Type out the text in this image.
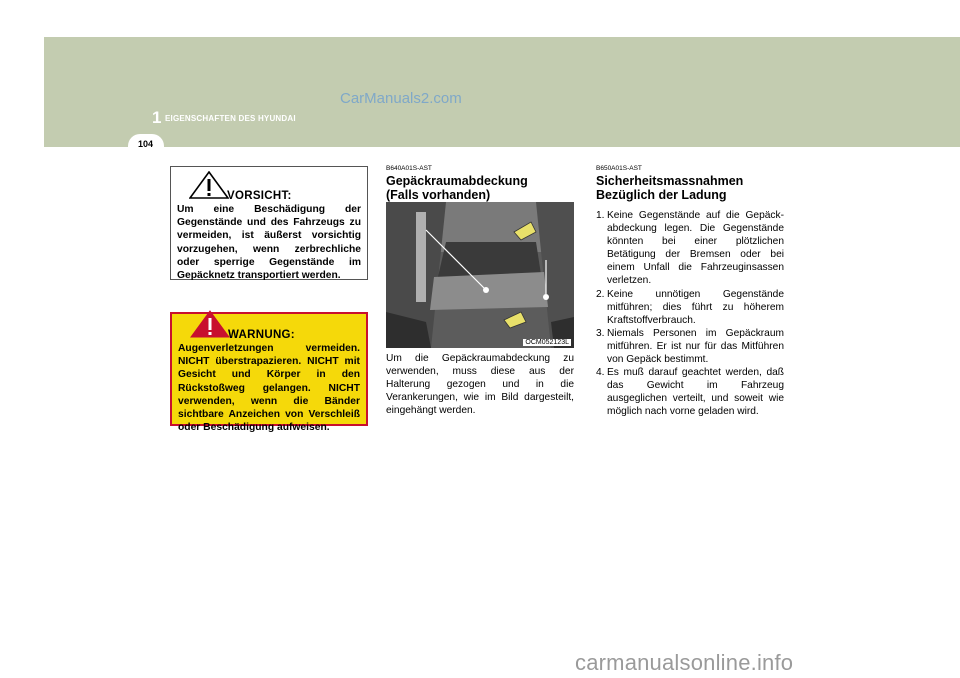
1 EIGENSCHAFTEN DES HYUNDAI
CarManuals2.com
104
VORSICHT:
Um eine Beschädigung der Gegenstände und des Fahrzeugs zu vermeiden, ist äußerst vorsichtig vorzugehen, wenn zerbrechliche oder sperrige Gegenstände im Gepäcknetz transportiert werden.
WARNUNG:
Augenverletzungen vermeiden. NICHT überstrapazieren. NICHT mit Gesicht und Körper in den Rückstoßweg gelangen. NICHT verwenden, wenn die Bänder sichtbare Anzeichen von Verschleiß oder Beschädigung aufweisen.
B640A01S-AST
Gepäckraumabdeckung
(Falls vorhanden)
OCM052123L
Um die Gepäckraumabdeckung zu verwenden, muss diese aus der Halterung gezogen und in die Verankerungen, wie im Bild dargesteilt, eingehängt werden.
B650A01S-AST
Sicherheitsmassnahmen
Bezüglich der Ladung
1. Keine Gegenstände auf die Gepäck- abdeckung legen. Die Gegenstände könnten bei einer plötzlichen Betätigung der Bremsen oder bei einem Unfall die Fahrzeuginsassen verletzen.
2. Keine unnötigen Gegenstände mitführen; dies führt zu höherem Kraftstoffverbrauch.
3. Niemals Personen im Gepäckraum mitführen. Er ist nur für das Mitführen von Gepäck bestimmt.
4. Es muß darauf geachtet werden, daß das Gewicht im Fahrzeug ausgeglichen verteilt, und soweit wie möglich nach vorne geladen wird.
carmanualsonline.info
